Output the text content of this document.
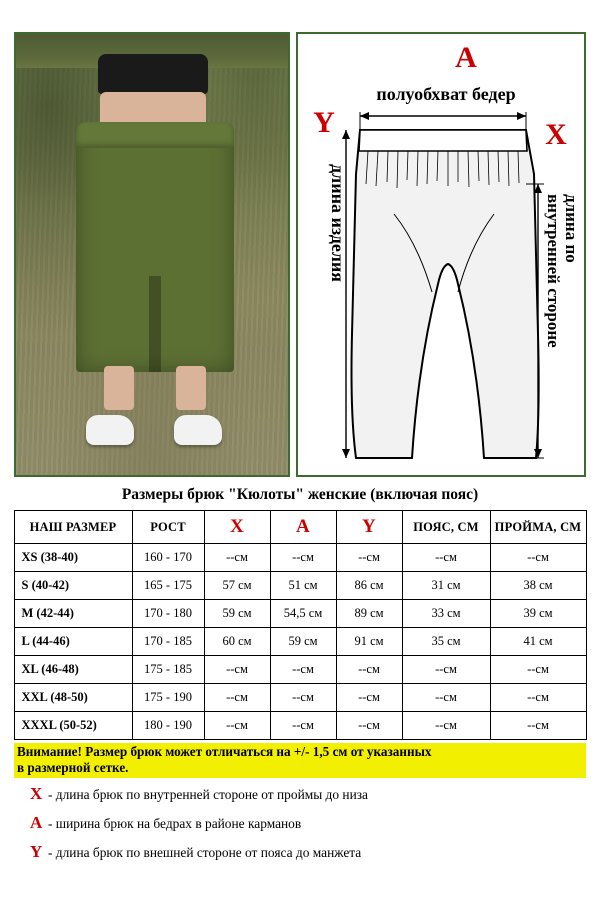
A
полуобхват бедер
Y
длина изделия
X
длина по
внутренней стороне
Размеры брюк "Кюлоты" женские (включая пояс)
НАШ РАЗМЕР	РОСТ	X	A	Y	ПОЯС, СМ	ПРОЙМА, СМ
XS (38-40)	160 - 170	--см	--см	--см	--см	--см
S (40-42)	165 - 175	57 см	51 см	86 см	31 см	38 см
M (42-44)	170 - 180	59 см	54,5 см	89 см	33 см	39 см
L (44-46)	170 - 185	60 см	59 см	91 см	35 см	41 см
XL (46-48)	175 - 185	--см	--см	--см	--см	--см
XXL (48-50)	175 - 190	--см	--см	--см	--см	--см
XXXL (50-52)	180 - 190	--см	--см	--см	--см	--см
Внимание! Размер брюк может отличаться на +/- 1,5 см от указанных
в размерной сетке.
X - длина брюк по внутренней стороне от проймы до низа
A - ширина брюк на бедрах в районе карманов
Y - длина брюк по внешней стороне от пояса до манжета
